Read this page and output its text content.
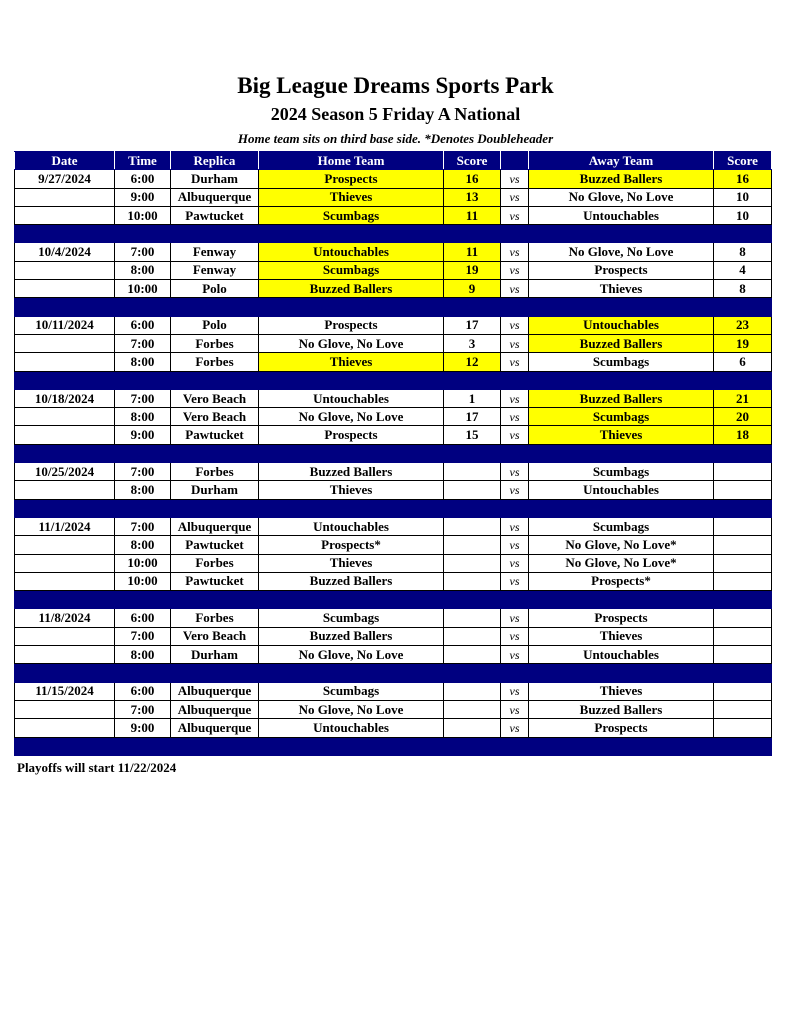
Big League Dreams Sports Park
2024 Season 5 Friday A National
Home team sits on third base side. *Denotes Doubleheader
Date	Time	Replica	Home Team	Score		Away Team	Score
9/27/2024	6:00	Durham	Prospects	16	vs	Buzzed Ballers	16
	9:00	Albuquerque	Thieves	13	vs	No Glove, No Love	10
	10:00	Pawtucket	Scumbags	11	vs	Untouchables	10

10/4/2024	7:00	Fenway	Untouchables	11	vs	No Glove, No Love	8
	8:00	Fenway	Scumbags	19	vs	Prospects	4
	10:00	Polo	Buzzed Ballers	9	vs	Thieves	8

10/11/2024	6:00	Polo	Prospects	17	vs	Untouchables	23
	7:00	Forbes	No Glove, No Love	3	vs	Buzzed Ballers	19
	8:00	Forbes	Thieves	12	vs	Scumbags	6

10/18/2024	7:00	Vero Beach	Untouchables	1	vs	Buzzed Ballers	21
	8:00	Vero Beach	No Glove, No Love	17	vs	Scumbags	20
	9:00	Pawtucket	Prospects	15	vs	Thieves	18

10/25/2024	7:00	Forbes	Buzzed Ballers		vs	Scumbags	
	8:00	Durham	Thieves		vs	Untouchables	

11/1/2024	7:00	Albuquerque	Untouchables		vs	Scumbags	
	8:00	Pawtucket	Prospects*		vs	No Glove, No Love*	
	10:00	Forbes	Thieves		vs	No Glove, No Love*	
	10:00	Pawtucket	Buzzed Ballers		vs	Prospects*	

11/8/2024	6:00	Forbes	Scumbags		vs	Prospects	
	7:00	Vero Beach	Buzzed Ballers		vs	Thieves	
	8:00	Durham	No Glove, No Love		vs	Untouchables	

11/15/2024	6:00	Albuquerque	Scumbags		vs	Thieves	
	7:00	Albuquerque	No Glove, No Love		vs	Buzzed Ballers	
	9:00	Albuquerque	Untouchables		vs	Prospects	

Playoffs will start 11/22/2024
